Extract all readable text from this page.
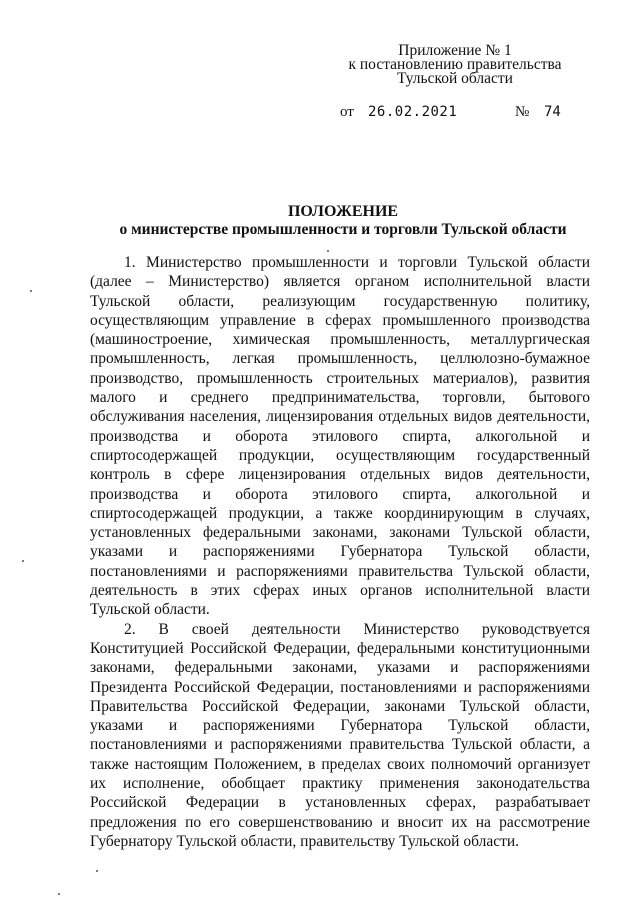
Приложение № 1
к постановлению правительства
Тульской области
от 26.02.2021	№ 74
ПОЛОЖЕНИЕ
о министерстве промышленности и торговли Тульской области

1. Министерство промышленности и торговли Тульской области (далее – Министерство) является органом исполнительной власти Тульской области, реализующим государственную политику, осуществляющим управление в сферах промышленного производства (машиностроение, химическая промышленность, металлургическая промышленность, легкая промышленность, целлюлозно-бумажное производство, промышленность строительных материалов), развития малого и среднего предпринимательства, торговли, бытового обслуживания населения, лицензирования отдельных видов деятельности, производства и оборота этилового спирта, алкогольной и спиртосодержащей продукции, осуществляющим государственный контроль в сфере лицензирования отдельных видов деятельности, производства и оборота этилового спирта, алкогольной и спиртосодержащей продукции, а также координирующим в случаях, установленных федеральными законами, законами Тульской области, указами и распоряжениями Губернатора Тульской области, постановлениями и распоряжениями правительства Тульской области, деятельность в этих сферах иных органов исполнительной власти Тульской области.

2. В своей деятельности Министерство руководствуется Конституцией Российской Федерации, федеральными конституционными законами, федеральными законами, указами и распоряжениями Президента Российской Федерации, постановлениями и распоряжениями Правительства Российской Федерации, законами Тульской области, указами и распоряжениями Губернатора Тульской области, постановлениями и распоряжениями правительства Тульской области, а также настоящим Положением, в пределах своих полномочий организует их исполнение, обобщает практику применения законодательства Российской Федерации в установленных сферах, разрабатывает предложения по его совершенствованию и вносит их на рассмотрение Губернатору Тульской области, правительству Тульской области.
